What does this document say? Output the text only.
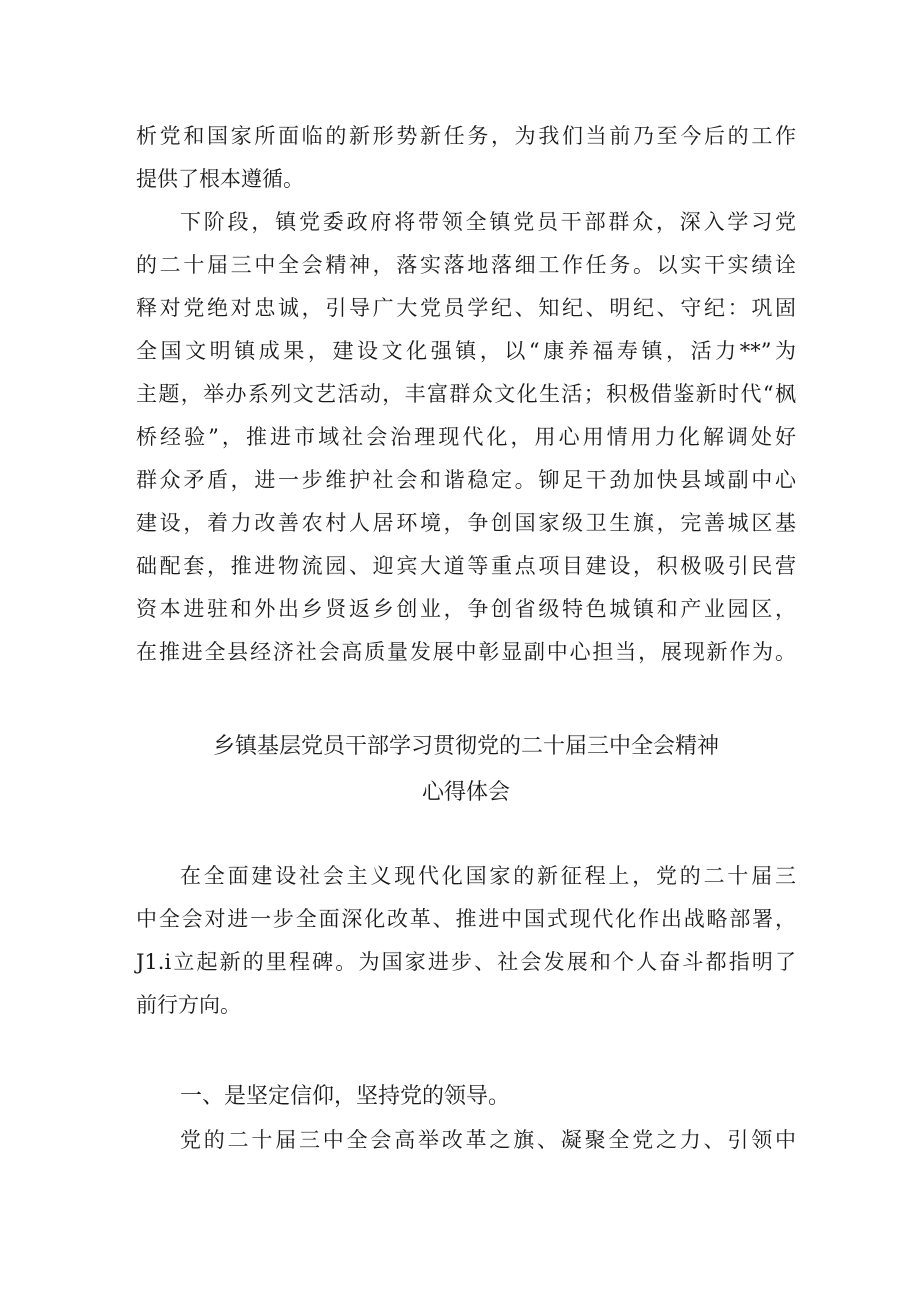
析党和国家所面临的新形势新任务，为我们当前乃至今后的工作
提供了根本遵循。
下阶段，镇党委政府将带领全镇党员干部群众，深入学习党
的二十届三中全会精神，落实落地落细工作任务。以实干实绩诠
释对党绝对忠诚，引导广大党员学纪、知纪、明纪、守纪：巩固
全国文明镇成果，建设文化强镇，以“康养福寿镇，活力**”为
主题，举办系列文艺活动，丰富群众文化生活；积极借鉴新时代“枫
桥经验”，推进市域社会治理现代化，用心用情用力化解调处好
群众矛盾，进一步维护社会和谐稳定。铆足干劲加快县域副中心
建设，着力改善农村人居环境，争创国家级卫生旗，完善城区基
础配套，推进物流园、迎宾大道等重点项目建设，积极吸引民营
资本进驻和外出乡贤返乡创业，争创省级特色城镇和产业园区，
在推进全县经济社会高质量发展中彰显副中心担当，展现新作为。
乡镇基层党员干部学习贯彻党的二十届三中全会精神
心得体会
在全面建设社会主义现代化国家的新征程上，党的二十届三
中全会对进一步全面深化改革、推进中国式现代化作出战略部署，
J1.i立起新的里程碑。为国家进步、社会发展和个人奋斗都指明了
前行方向。
一、是坚定信仰，坚持党的领导。
党的二十届三中全会高举改革之旗、凝聚全党之力、引领中
